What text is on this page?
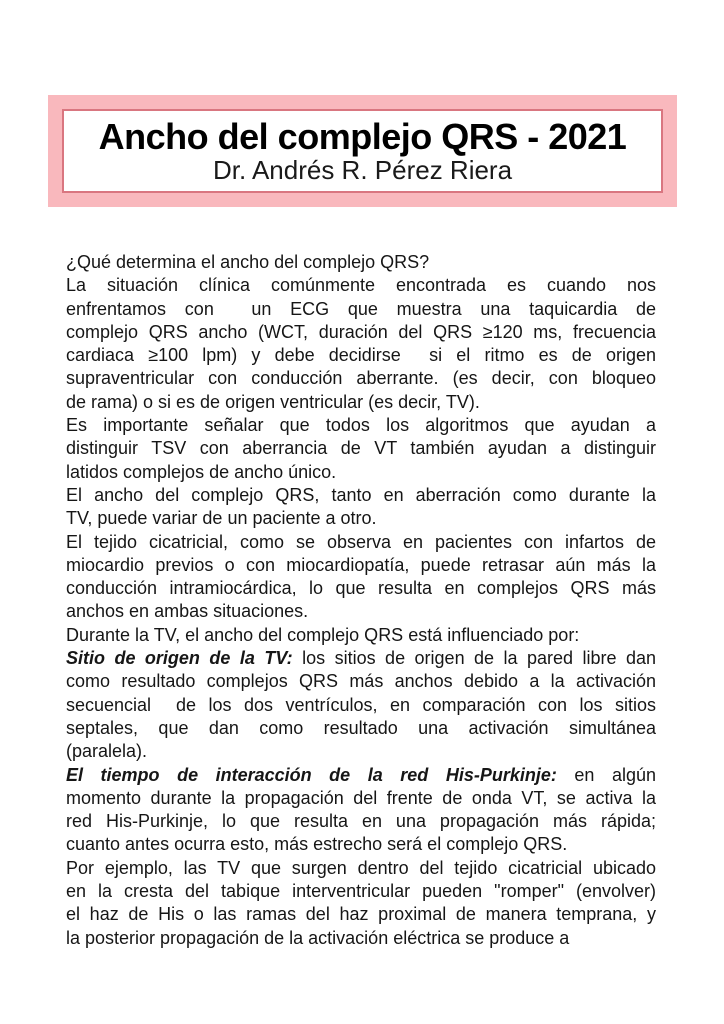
Ancho del complejo QRS - 2021
Dr. Andrés R. Pérez Riera
¿Qué determina el ancho del complejo QRS?
La situación clínica comúnmente encontrada es cuando nos
enfrentamos con  un ECG que muestra una taquicardia de
complejo QRS ancho (WCT, duración del QRS ≥120 ms, frecuencia
cardiaca ≥100 lpm) y debe decidirse  si el ritmo es de origen
supraventricular con conducción aberrante. (es decir, con bloqueo
de rama) o si es de origen ventricular (es decir, TV).
Es importante señalar que todos los algoritmos que ayudan a
distinguir TSV con aberrancia de VT también ayudan a distinguir
latidos complejos de ancho único.
El ancho del complejo QRS, tanto en aberración como durante la
TV, puede variar de un paciente a otro.
El tejido cicatricial, como se observa en pacientes con infartos de
miocardio previos o con miocardiopatía, puede retrasar aún más la
conducción intramiocárdica, lo que resulta en complejos QRS más
anchos en ambas situaciones.
Durante la TV, el ancho del complejo QRS está influenciado por:
Sitio de origen de la TV: los sitios de origen de la pared libre dan
como resultado complejos QRS más anchos debido a la activación
secuencial  de los dos ventrículos, en comparación con los sitios
septales, que dan como resultado una activación simultánea
(paralela).
El tiempo de interacción de la red His-Purkinje: en algún
momento durante la propagación del frente de onda VT, se activa la
red His-Purkinje, lo que resulta en una propagación más rápida;
cuanto antes ocurra esto, más estrecho será el complejo QRS.
Por ejemplo, las TV que surgen dentro del tejido cicatricial ubicado
en la cresta del tabique interventricular pueden "romper" (envolver)
el haz de His o las ramas del haz proximal de manera temprana, y
la posterior propagación de la activación eléctrica se produce a
